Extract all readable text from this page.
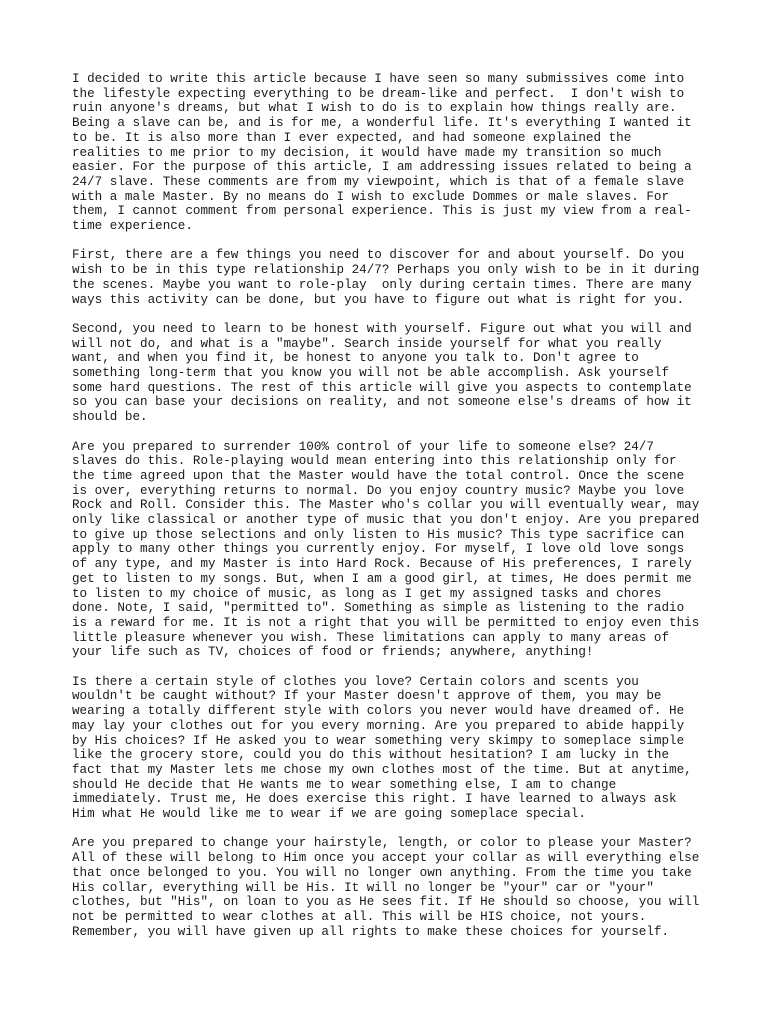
I decided to write this article because I have seen so many submissives come into
the lifestyle expecting everything to be dream-like and perfect.  I don't wish to
ruin anyone's dreams, but what I wish to do is to explain how things really are.
Being a slave can be, and is for me, a wonderful life. It's everything I wanted it
to be. It is also more than I ever expected, and had someone explained the
realities to me prior to my decision, it would have made my transition so much
easier. For the purpose of this article, I am addressing issues related to being a
24/7 slave. These comments are from my viewpoint, which is that of a female slave
with a male Master. By no means do I wish to exclude Dommes or male slaves. For
them, I cannot comment from personal experience. This is just my view from a real-
time experience.

First, there are a few things you need to discover for and about yourself. Do you
wish to be in this type relationship 24/7? Perhaps you only wish to be in it during
the scenes. Maybe you want to role-play  only during certain times. There are many
ways this activity can be done, but you have to figure out what is right for you.

Second, you need to learn to be honest with yourself. Figure out what you will and
will not do, and what is a "maybe". Search inside yourself for what you really
want, and when you find it, be honest to anyone you talk to. Don't agree to
something long-term that you know you will not be able accomplish. Ask yourself
some hard questions. The rest of this article will give you aspects to contemplate
so you can base your decisions on reality, and not someone else's dreams of how it
should be.

Are you prepared to surrender 100% control of your life to someone else? 24/7
slaves do this. Role-playing would mean entering into this relationship only for
the time agreed upon that the Master would have the total control. Once the scene
is over, everything returns to normal. Do you enjoy country music? Maybe you love
Rock and Roll. Consider this. The Master who's collar you will eventually wear, may
only like classical or another type of music that you don't enjoy. Are you prepared
to give up those selections and only listen to His music? This type sacrifice can
apply to many other things you currently enjoy. For myself, I love old love songs
of any type, and my Master is into Hard Rock. Because of His preferences, I rarely
get to listen to my songs. But, when I am a good girl, at times, He does permit me
to listen to my choice of music, as long as I get my assigned tasks and chores
done. Note, I said, "permitted to". Something as simple as listening to the radio
is a reward for me. It is not a right that you will be permitted to enjoy even this
little pleasure whenever you wish. These limitations can apply to many areas of
your life such as TV, choices of food or friends; anywhere, anything!

Is there a certain style of clothes you love? Certain colors and scents you
wouldn't be caught without? If your Master doesn't approve of them, you may be
wearing a totally different style with colors you never would have dreamed of. He
may lay your clothes out for you every morning. Are you prepared to abide happily
by His choices? If He asked you to wear something very skimpy to someplace simple
like the grocery store, could you do this without hesitation? I am lucky in the
fact that my Master lets me chose my own clothes most of the time. But at anytime,
should He decide that He wants me to wear something else, I am to change
immediately. Trust me, He does exercise this right. I have learned to always ask
Him what He would like me to wear if we are going someplace special.

Are you prepared to change your hairstyle, length, or color to please your Master?
All of these will belong to Him once you accept your collar as will everything else
that once belonged to you. You will no longer own anything. From the time you take
His collar, everything will be His. It will no longer be "your" car or "your"
clothes, but "His", on loan to you as He sees fit. If He should so choose, you will
not be permitted to wear clothes at all. This will be HIS choice, not yours.
Remember, you will have given up all rights to make these choices for yourself.
